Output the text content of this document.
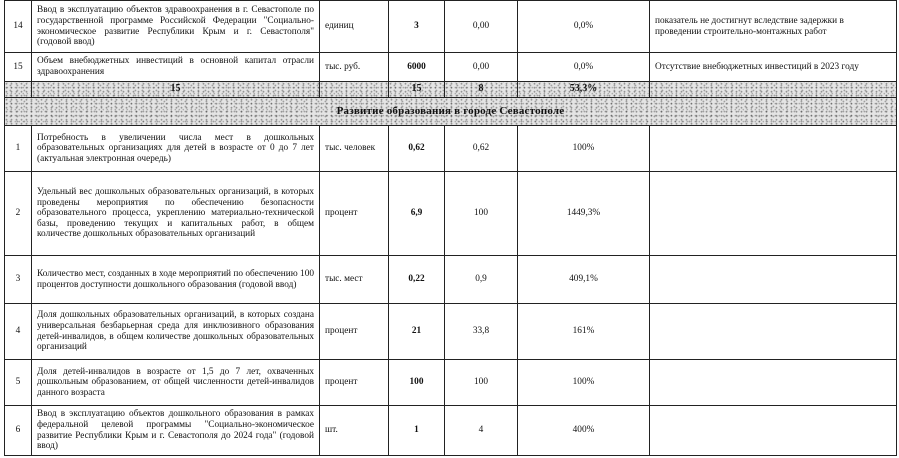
14	Ввод в эксплуатацию объектов здравоохранения в г. Севастополе по государственной программе Российской Федерации "Социально-экономическое развитие Республики Крым и г. Севастополя" (годовой ввод)	единиц	3	0,00	0,0%	показатель не достигнут вследствие задержки в проведении строительно-монтажных работ
15	Объем внебюджетных инвестиций в основной капитал отрасли здравоохранения	тыс. руб.	6000	0,00	0,0%	Отсутствие внебюджетных инвестиций в 2023 году
	15		15	8	53,3%	
Развитие образования в городе Севастополе						
1	Потребность в увеличении числа мест в дошкольных образовательных организациях для детей в возрасте от 0 до 7 лет (актуальная электронная очередь)	тыс. человек	0,62	0,62	100%	
2	Удельный вес дошкольных образовательных организаций, в которых проведены мероприятия по обеспечению безопасности образовательного процесса, укреплению материально-технической базы, проведению текущих и капитальных работ, в общем количестве дошкольных образовательных организаций	процент	6,9	100	1449,3%	
3	Количество мест, созданных в ходе мероприятий по обеспечению 100 процентов доступности дошкольного образования (годовой ввод)	тыс. мест	0,22	0,9	409,1%	
4	Доля дошкольных образовательных организаций, в которых создана универсальная безбарьерная среда для инклюзивного образования детей-инвалидов, в общем количестве дошкольных образовательных организаций	процент	21	33,8	161%	
5	Доля детей-инвалидов в возрасте от 1,5 до 7 лет, охваченных дошкольным образованием, от общей численности детей-инвалидов данного возраста	процент	100	100	100%	
6	Ввод в эксплуатацию объектов дошкольного образования в рамках федеральной целевой программы "Социально-экономическое развитие Республики Крым и г. Севастополя до 2024 года" (годовой ввод)	шт.	1	4	400%	
